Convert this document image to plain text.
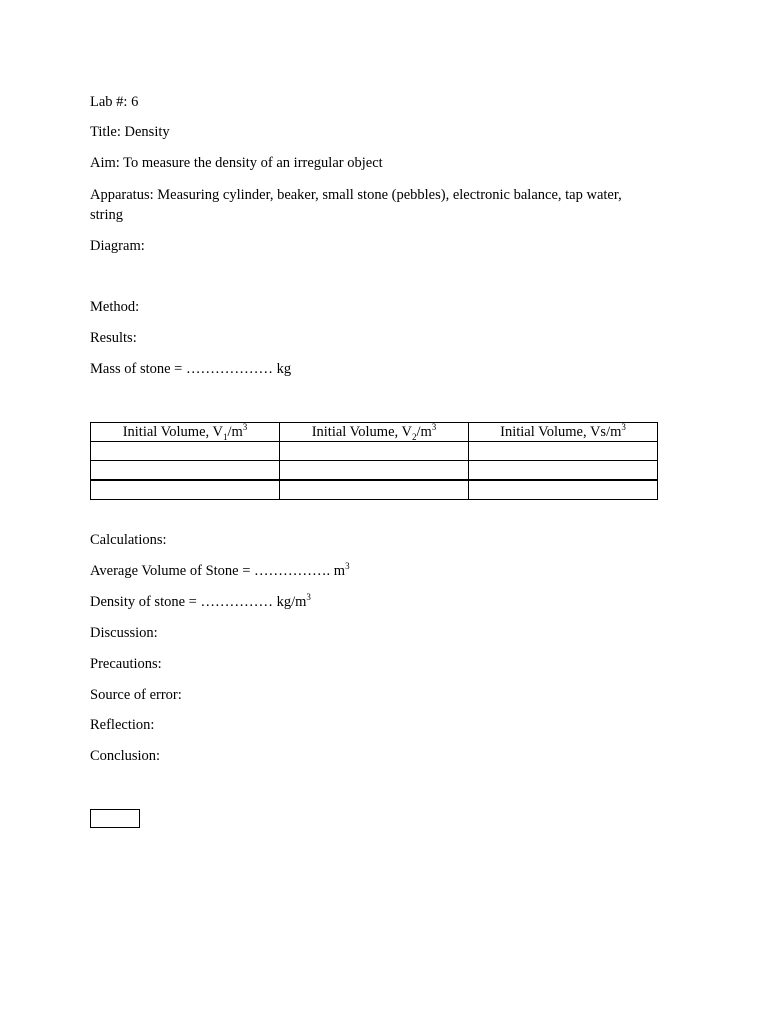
Lab #: 6

Title: Density

Aim: To measure the density of an irregular object

Apparatus: Measuring cylinder, beaker, small stone (pebbles), electronic balance, tap water, string

Diagram:

Method:

Results:

Mass of stone = ……………… kg

Initial Volume, $V_1/m^3$	Initial Volume, $V_2/m^3$	Initial Volume, $Vs/m^3$

Calculations:

Average Volume of Stone = ……………. $m^3$

Density of stone = …………… $kg/m^3$

Discussion:

Precautions:

Source of error:

Reflection:

Conclusion:
